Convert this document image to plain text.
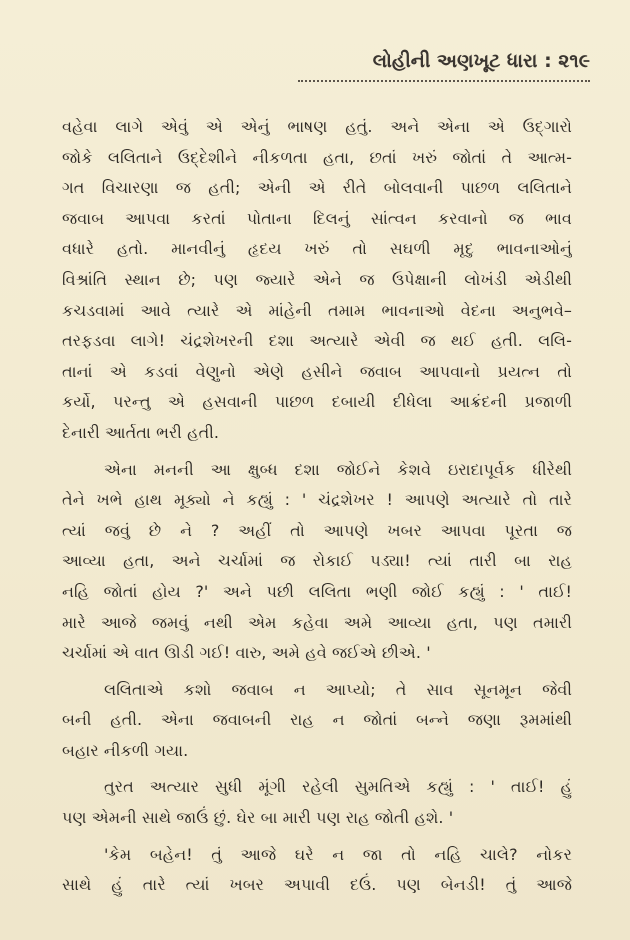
લોહીની અણખૂટ ધારા : ૨૧૯
વહેવા લાગે એવું એ એનું ભાષણ હતું. અને એના એ ઉદ્ગારો
જોકે લલિતાને ઉદ્દેશીને નીકળતા હતા, છતાં ખરું જોતાં તે આત્મ-
ગત વિચારણા જ હતી; એની એ રીતે બોલવાની પાછળ લલિતાને
જવાબ આપવા કરતાં પોતાના દિલનું સાંત્વન કરવાનો જ ભાવ
વધારે હતો. માનવીનું હૃદય ખરું તો સઘળી મૃદુ ભાવનાઓનું
વિશ્રાંતિ સ્થાન છે; પણ જ્યારે એને જ ઉપેક્ષાની લોખંડી એડીથી
કચડવામાં આવે ત્યારે એ માંહેની તમામ ભાવનાઓ વેદના અનુભવે–
તરફડવા લાગે! ચંદ્રશેખરની દશા અત્યારે એવી જ થઈ હતી. લલિ-
તાનાં એ કડવાં વેણુનો એણે હસીને જવાબ આપવાનો પ્રયત્ન તો
કર્યો, પરન્તુ એ હસવાની પાછળ દબાયી દીધેલા આક્રંદની પ્રજાળી
દેનારી આર્તતા ભરી હતી.
એના મનની આ ક્ષુબ્ધ દશા જોઈને કેશવે ઇરાદાપૂર્વક ધીરેથી
તેને ખભે હાથ મૂક્યો ને કહ્યું : ' ચંદ્રશેખર ! આપણે અત્યારે તો તારે
ત્યાં જવું છે ને ? અહીં તો આપણે ખબર આપવા પૂરતા જ
આવ્યા હતા, અને ચર્ચામાં જ રોકાઈ પડ્યા! ત્યાં તારી બા રાહ
નહિ જોતાં હોય ?' અને પછી લલિતા ભણી જોઈ કહ્યું : ' તાઈ!
મારે આજે જમવું નથી એમ કહેવા અમે આવ્યા હતા, પણ તમારી
ચર્ચામાં એ વાત ઊડી ગઈ! વારુ, અમે હવે જઈએ છીએ. '
લલિતાએ કશો જવાબ ન આપ્યો; તે સાવ સૂનમૂન જેવી
બની હતી. એના જવાબની રાહ ન જોતાં બન્ને જણા રૂમમાંથી
બહાર નીકળી ગયા.
તુરત અત્યાર સુધી મૂંગી રહેલી સુમતિએ કહ્યું : ' તાઈ! હું
પણ એમની સાથે જાઉં છું. ઘેર બા મારી પણ રાહ જોતી હશે. '
'કેમ બહેન! તું આજે ઘરે ન જા તો નહિ ચાલે? નોકર
સાથે હું તારે ત્યાં ખબર અપાવી દઉં. પણ બેનડી! તું આજે
